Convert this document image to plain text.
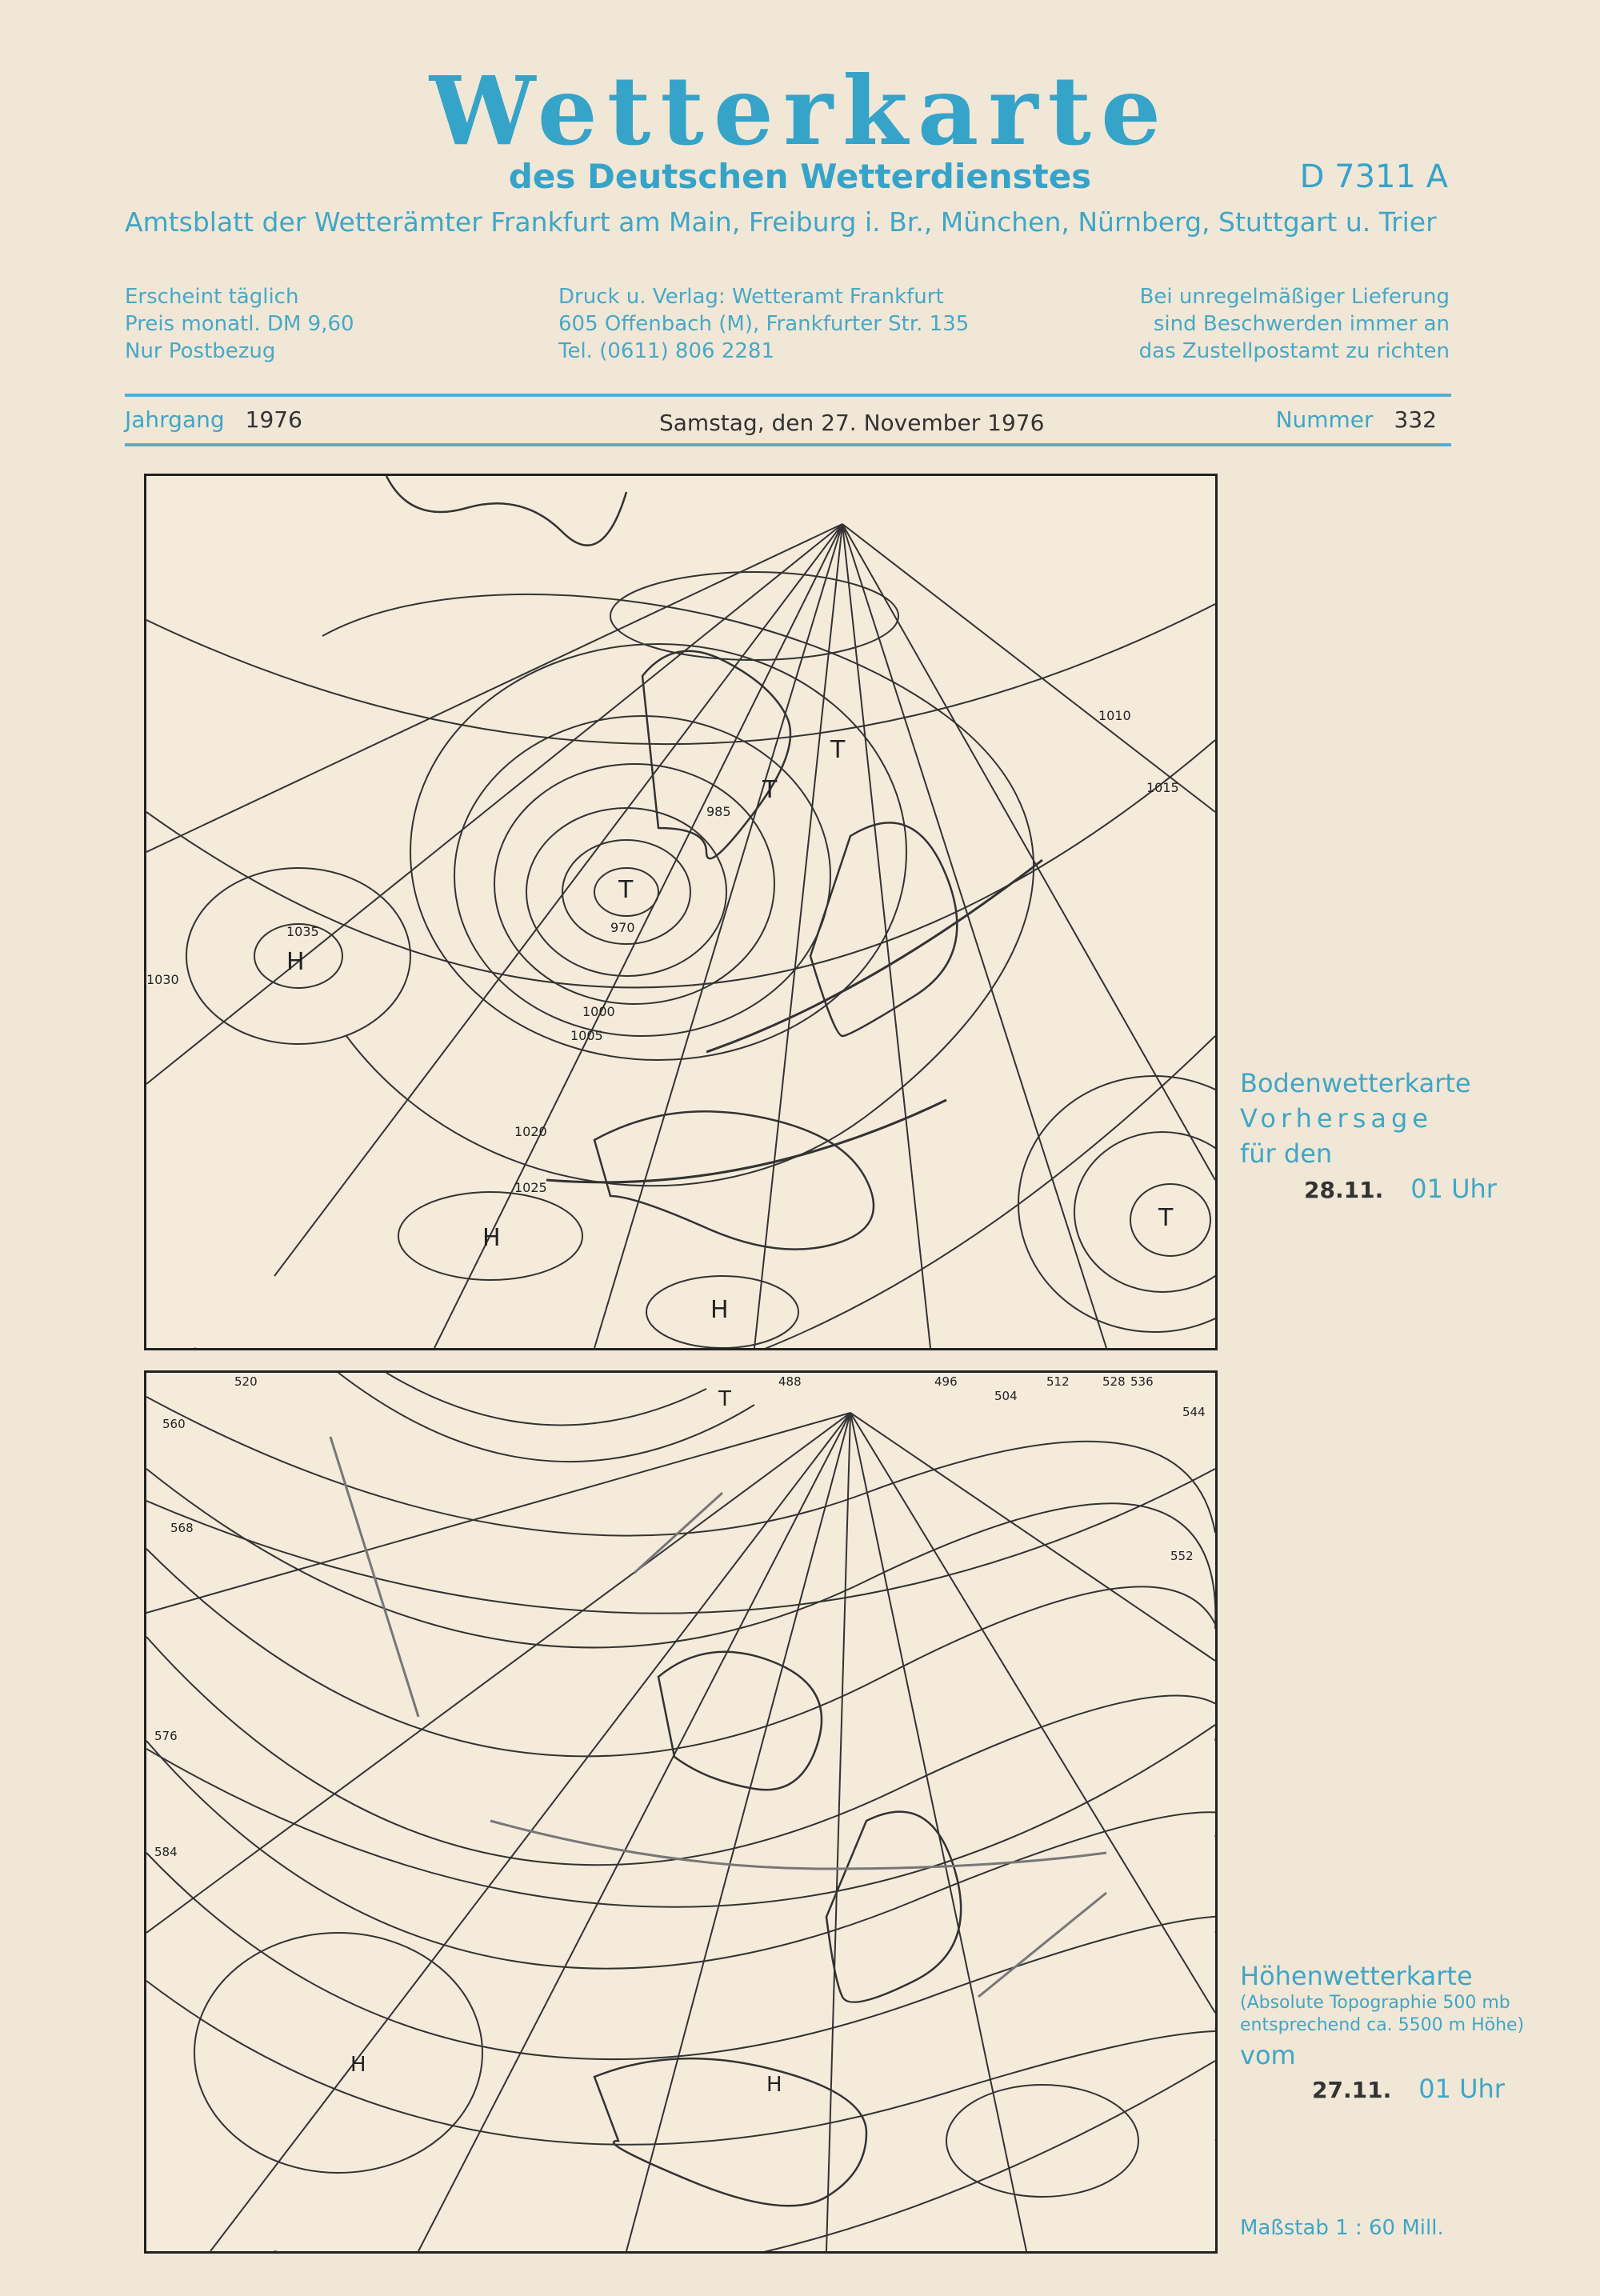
Wetterkarte
des Deutschen Wetterdienstes	D 7311 A
Amtsblatt der Wetterämter Frankfurt am Main, Freiburg i. Br., München, Nürnberg, Stuttgart u. Trier
Erscheint täglich
Preis monatl. DM 9,60
Nur Postbezug
Druck u. Verlag: Wetteramt Frankfurt
605 Offenbach (M), Frankfurter Str. 135
Tel. (0611) 806 2281
Bei unregelmäßiger Lieferung
sind Beschwerden immer an
das Zustellpostamt zu richten
Jahrgang 1976	Samstag, den 27. November 1976	Nummer 332
H
H
H
T
T
T
T
1035
1030
1025
1020
1015
1010
1005
1000
985
970
Bodenwetterkarte
Vorhersage
für den
28.11. 01 Uhr
H
H
T
488	496
504
512
520	528 536
544
552
560
568
576
584
Höhenwetterkarte
(Absolute Topographie 500 mb
entsprechend ca. 5500 m Höhe)
vom
27.11. 01 Uhr
Maßstab 1 : 60 Mill.
